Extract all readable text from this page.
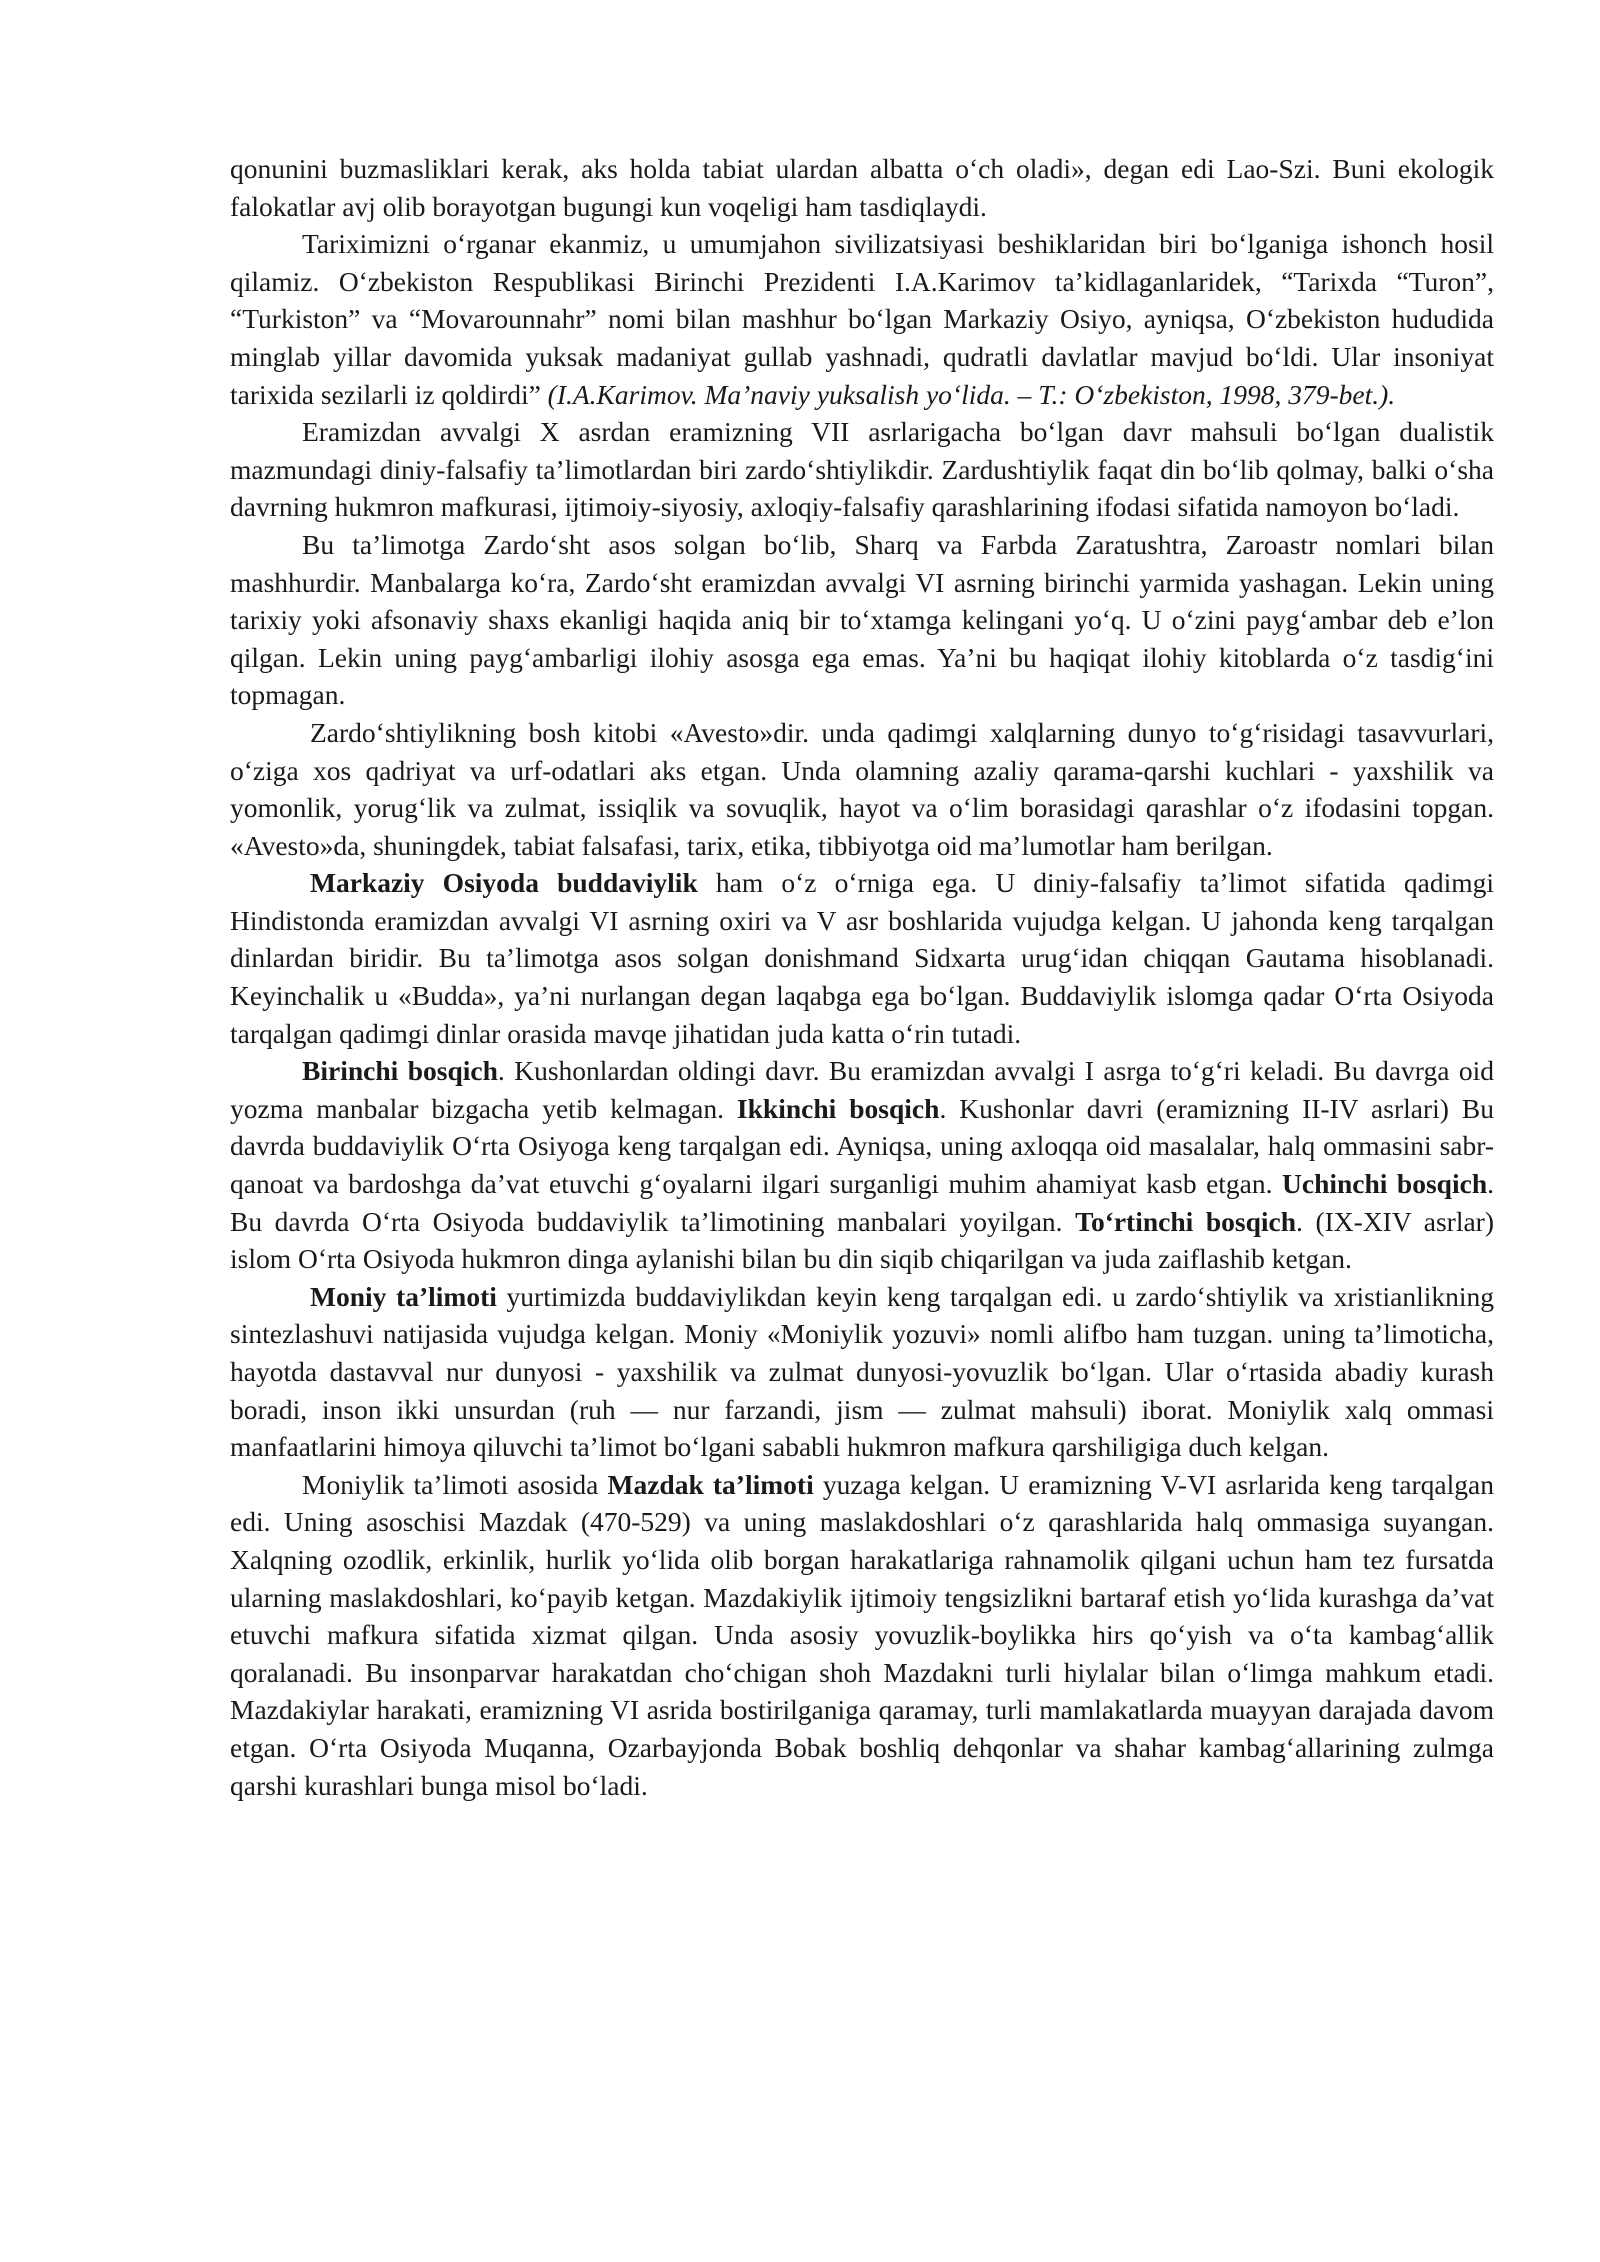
qonunini buzmasliklari kerak, aks holda tabiat ulardan albatta o‘ch oladi», degan edi Lao-Szi. Buni ekologik falokatlar avj olib borayotgan bugungi kun voqeligi ham tasdiqlaydi.

Tariximizni o‘rganar ekanmiz, u umumjahon sivilizatsiyasi beshiklaridan biri bo‘lganiga ishonch hosil qilamiz. O‘zbekiston Respublikasi Birinchi Prezidenti I.A.Karimov ta’kidlaganlaridek, “Tarixda “Turon”, “Turkiston” va “Movarounnahr” nomi bilan mashhur bo‘lgan Markaziy Osiyo, ayniqsa, O‘zbekiston hududida minglab yillar davomida yuksak madaniyat gullab yashnadi, qudratli davlatlar mavjud bo‘ldi. Ular insoniyat tarixida sezilarli iz qoldirdi” (I.A.Karimov. Ma’naviy yuksalish yo‘lida. – T.: O‘zbekiston, 1998, 379-bet.).

Eramizdan avvalgi X asrdan eramizning VII asrlarigacha bo‘lgan davr mahsuli bo‘lgan dualistik mazmundagi diniy-falsafiy ta’limotlardan biri zardo‘shtiylikdir. Zardushtiylik faqat din bo‘lib qolmay, balki o‘sha davrning hukmron mafkurasi, ijtimoiy-siyosiy, axloqiy-falsafiy qarashlarining ifodasi sifatida namoyon bo‘ladi.

Bu ta’limotga Zardo‘sht asos solgan bo‘lib, Sharq va Farbda Zaratushtra, Zaroastr nomlari bilan mashhurdir. Manbalarga ko‘ra, Zardo‘sht eramizdan avvalgi VI asrning birinchi yarmida yashagan. Lekin uning tarixiy yoki afsonaviy shaxs ekanligi haqida aniq bir to‘xtamga kelingani yo‘q. U o‘zini payg‘ambar deb e’lon qilgan. Lekin uning payg‘ambarligi ilohiy asosga ega emas. Ya’ni bu haqiqat ilohiy kitoblarda o‘z tasdig‘ini topmagan.

Zardo‘shtiylikning bosh kitobi «Avesto»dir. unda qadimgi xalqlarning dunyo to‘g‘risidagi tasavvurlari, o‘ziga xos qadriyat va urf-odatlari aks etgan. Unda olamning azaliy qarama-qarshi kuchlari - yaxshilik va yomonlik, yorug‘lik va zulmat, issiqlik va sovuqlik, hayot va o‘lim borasidagi qarashlar o‘z ifodasini topgan. «Avesto»da, shuningdek, tabiat falsafasi, tarix, etika, tibbiyotga oid ma’lumotlar ham berilgan.

Markaziy Osiyoda buddaviylik ham o‘z o‘rniga ega. U diniy-falsafiy ta’limot sifatida qadimgi Hindistonda eramizdan avvalgi VI asrning oxiri va V asr boshlarida vujudga kelgan. U jahonda keng tarqalgan dinlardan biridir. Bu ta’limotga asos solgan donishmand Sidxarta urug‘idan chiqqan Gautama hisoblanadi. Keyinchalik u «Budda», ya’ni nurlangan degan laqabga ega bo‘lgan. Buddaviylik islomga qadar O‘rta Osiyoda tarqalgan qadimgi dinlar orasida mavqe jihatidan juda katta o‘rin tutadi.

Birinchi bosqich. Kushonlardan oldingi davr. Bu eramizdan avvalgi I asrga to‘g‘ri keladi. Bu davrga oid yozma manbalar bizgacha yetib kelmagan. Ikkinchi bosqich. Kushonlar davri (eramizning II-IV asrlari) Bu davrda buddaviylik O‘rta Osiyoga keng tarqalgan edi. Ayniqsa, uning axloqqa oid masalalar, halq ommasini sabr-qanoat va bardoshga da’vat etuvchi g‘oyalarni ilgari surganligi muhim ahamiyat kasb etgan. Uchinchi bosqich. Bu davrda O‘rta Osiyoda buddaviylik ta’limotining manbalari yoyilgan. To‘rtinchi bosqich. (IX-XIV asrlar) islom O‘rta Osiyoda hukmron dinga aylanishi bilan bu din siqib chiqarilgan va juda zaiflashib ketgan.

Moniy ta’limoti yurtimizda buddaviylikdan keyin keng tarqalgan edi. u zardo‘shtiylik va xristianlikning sintezlashuvi natijasida vujudga kelgan. Moniy «Moniylik yozuvi» nomli alifbo ham tuzgan. uning ta’limoticha, hayotda dastavval nur dunyosi - yaxshilik va zulmat dunyosi-yovuzlik bo‘lgan. Ular o‘rtasida abadiy kurash boradi, inson ikki unsurdan (ruh — nur farzandi, jism — zulmat mahsuli) iborat. Moniylik xalq ommasi manfaatlarini himoya qiluvchi ta’limot bo‘lgani sababli hukmron mafkura qarshiligiga duch kelgan.

Moniylik ta’limoti asosida Mazdak ta’limoti yuzaga kelgan. U eramizning V-VI asrlarida keng tarqalgan edi. Uning asoschisi Mazdak (470-529) va uning maslakdoshlari o‘z qarashlarida halq ommasiga suyangan. Xalqning ozodlik, erkinlik, hurlik yo‘lida olib borgan harakatlariga rahnamolik qilgani uchun ham tez fursatda ularning maslakdoshlari, ko‘payib ketgan. Mazdakiylik ijtimoiy tengsizlikni bartaraf etish yo‘lida kurashga da’vat etuvchi mafkura sifatida xizmat qilgan. Unda asosiy yovuzlik-boylikka hirs qo‘yish va o‘ta kambag‘allik qoralanadi. Bu insonparvar harakatdan cho‘chigan shoh Mazdakni turli hiylalar bilan o‘limga mahkum etadi. Mazdakiylar harakati, eramizning VI asrida bostirilganiga qaramay, turli mamlakatlarda muayyan darajada davom etgan. O‘rta Osiyoda Muqanna, Ozarbayjonda Bobak boshliq dehqonlar va shahar kambag‘allarining zulmga qarshi kurashlari bunga misol bo‘ladi.
